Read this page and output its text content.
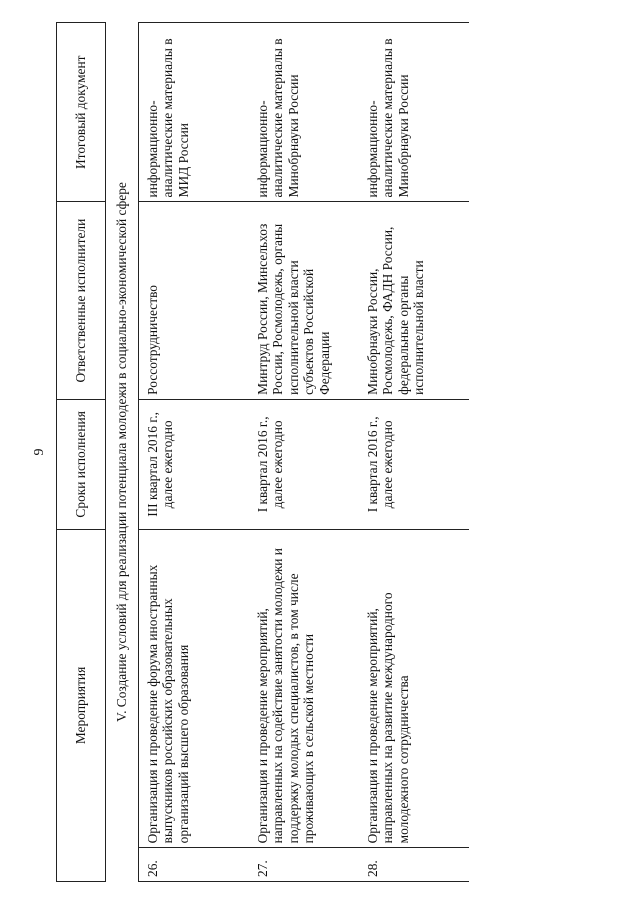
9
Мероприятия		Сроки исполнения	Ответственные исполнители	Итоговый документ
V. Создание условий для реализации потенциала молодежи в социально-экономической сфере				
26.	Организация и проведение форума иностранных выпускников российских образовательных организаций высшего образования	III квартал 2016 г., далее ежегодно	Россотрудничество	информационно-аналитические материалы в МИД России
27.	Организация и проведение мероприятий, направленных на содействие занятости молодежи и поддержку молодых специалистов, в том числе проживающих в сельской местности	I квартал 2016 г., далее ежегодно	Минтруд России, Минсельхоз России, Росмолодежь, органы исполнительной власти субъектов Российской Федерации	информационно-аналитические материалы в Минобрнауки России
28.	Организация и проведение мероприятий, направленных на развитие международного молодежного сотрудничества	I квартал 2016 г., далее ежегодно	Минобрнауки России, Росмолодежь, ФАДН России, федеральные органы исполнительной власти	информационно-аналитические материалы в Минобрнауки России
